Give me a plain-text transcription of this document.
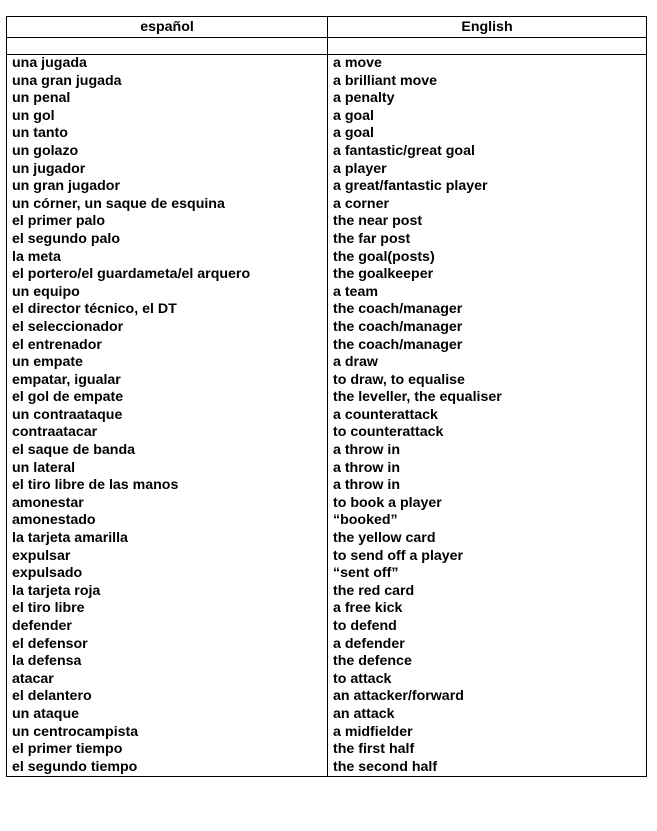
español	English

una jugada	a move
una gran jugada	a brilliant move
un penal	a penalty
un gol	a goal
un tanto	a goal
un golazo	a fantastic/great goal
un jugador	a player
un gran jugador	a great/fantastic player
un córner, un saque de esquina	a corner
el primer palo	the near post
el segundo palo	the far post
la meta	the goal(posts)
el portero/el guardameta/el arquero	the goalkeeper
un equipo	a team
el director técnico, el DT	the coach/manager
el seleccionador	the coach/manager
el entrenador	the coach/manager
un empate	a draw
empatar, igualar	to draw, to equalise
el gol de empate	the leveller, the equaliser
un contraataque	a counterattack
contraatacar	to counterattack
el saque de banda	a throw in
un lateral	a throw in
el tiro libre de las manos	a throw in
amonestar	to book a player
amonestado	“booked”
la tarjeta amarilla	the yellow card
expulsar	to send off a player
expulsado	“sent off”
la tarjeta roja	the red card
el tiro libre	a free kick
defender	to defend
el defensor	a defender
la defensa	the defence
atacar	to attack
el delantero	an attacker/forward
un ataque	an attack
un centrocampista	a midfielder
el primer tiempo	the first half
el segundo tiempo	the second half
